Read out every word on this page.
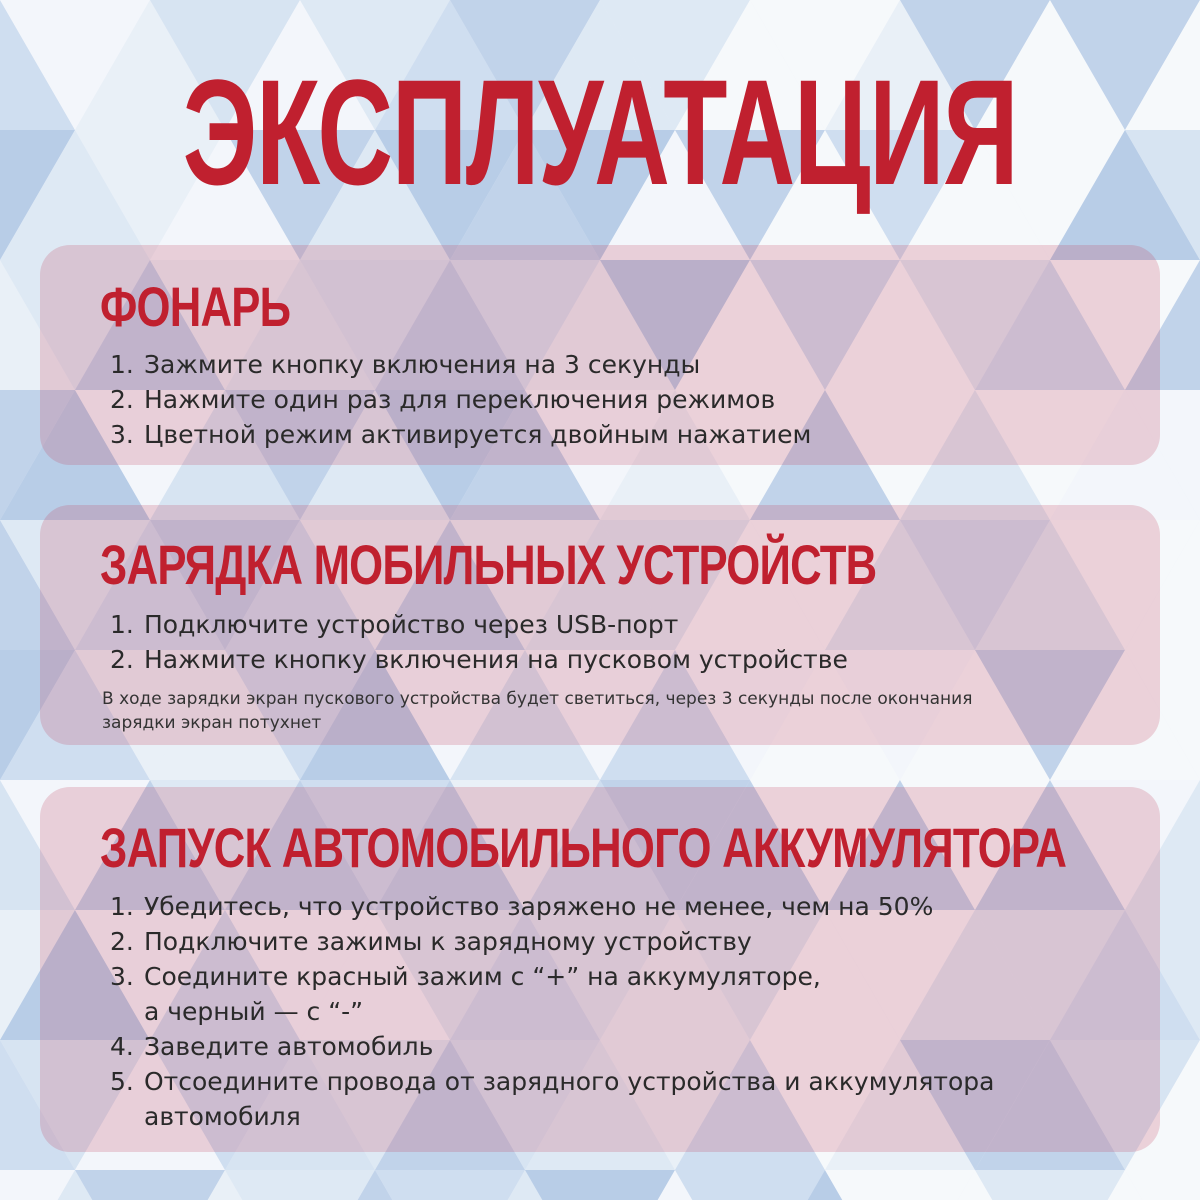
ЭКСПЛУАТАЦИЯ
ФОНАРЬ
1. Зажмите кнопку включения на 3 секунды
2. Нажмите один раз для переключения режимов
3. Цветной режим активируется двойным нажатием
ЗАРЯДКА МОБИЛЬНЫХ УСТРОЙСТВ
1. Подключите устройство через USB-порт
2. Нажмите кнопку включения на пусковом устройстве
В ходе зарядки экран пускового устройства будет светиться, через 3 секунды после окончания
зарядки экран потухнет
ЗАПУСК АВТОМОБИЛЬНОГО АККУМУЛЯТОРА
1. Убедитесь, что устройство заряжено не менее, чем на 50%
2. Подключите зажимы к зарядному устройству
3. Соедините красный зажим с “+” на аккумуляторе,
а черный — с “-”
4. Заведите автомобиль
5. Отсоедините провода от зарядного устройства и аккумулятора
автомобиля
